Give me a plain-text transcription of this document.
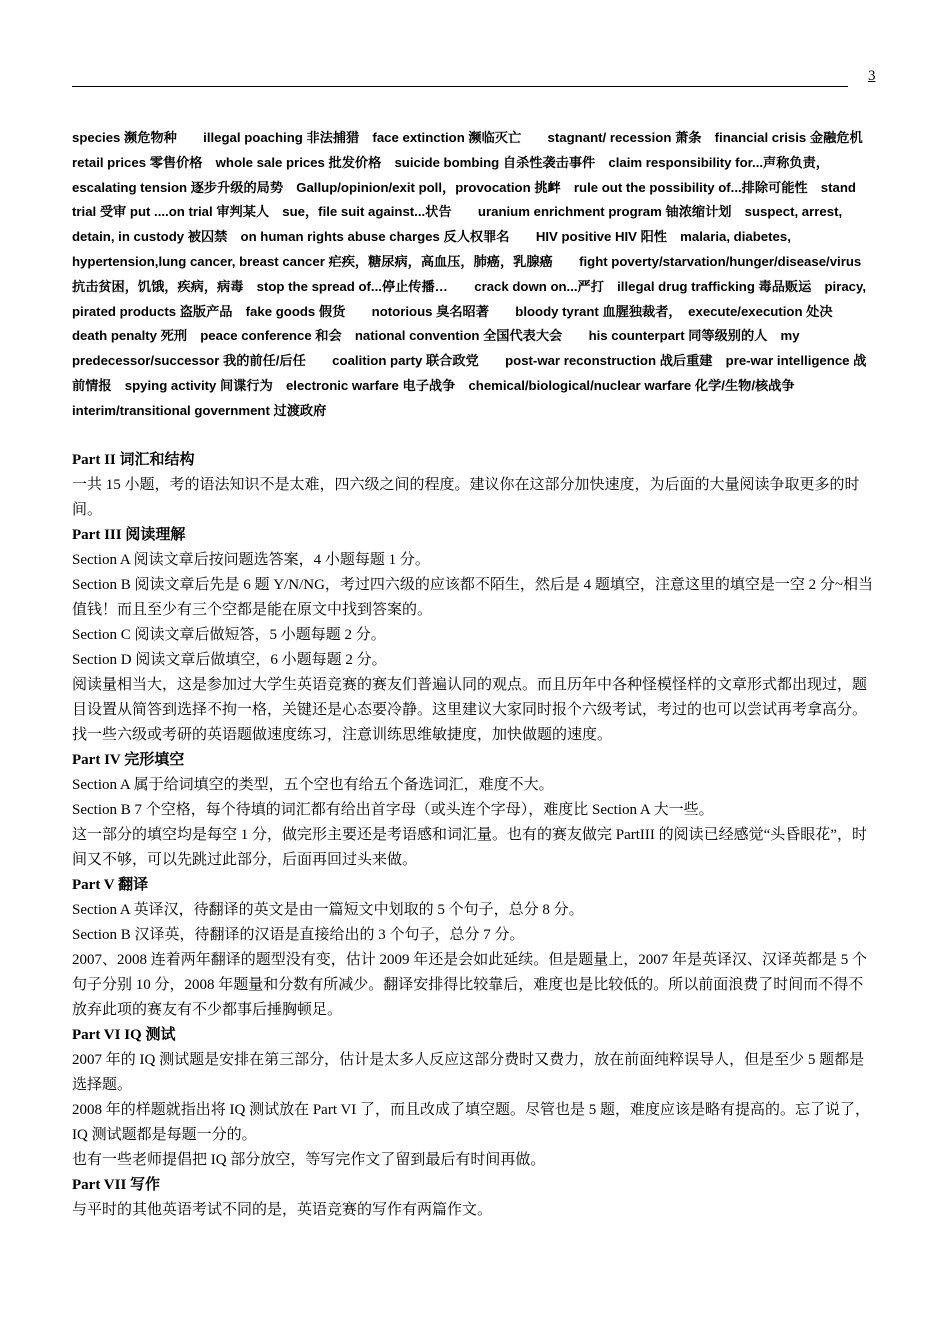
3

species 濒危物种　　illegal poaching 非法捕猎　face extinction 濒临灭亡　　stagnant/ recession 萧条　financial crisis 金融危机　retail prices 零售价格　whole sale prices 批发价格　suicide bombing 自杀性袭击事件　claim responsibility for...声称负责，　escalating tension 逐步升级的局势　Gallup/opinion/exit poll，provocation 挑衅　rule out the possibility of...排除可能性　stand trial 受审 put ....on trial 审判某人　sue，file suit against...状告　　uranium enrichment program 铀浓缩计划　suspect, arrest, detain, in custody 被囚禁　on human rights abuse charges 反人权罪名　　HIV positive HIV 阳性　malaria, diabetes, hypertension,lung cancer, breast cancer 疟疾，糖尿病，高血压，肺癌，乳腺癌　　fight poverty/starvation/hunger/disease/virus 抗击贫困，饥饿，疾病，病毒　stop the spread of...停止传播…　　crack down on...严打　illegal drug trafficking 毒品贩运　piracy, pirated products 盗版产品　fake goods 假货　　notorious 臭名昭著　　bloody tyrant 血腥独裁者，　execute/execution 处决　death penalty 死刑　peace conference 和会　national convention 全国代表大会　　his counterpart 同等级别的人　my predecessor/successor 我的前任/后任　　coalition party 联合政党　　post-war reconstruction 战后重建　pre-war intelligence 战前情报　spying activity 间谍行为　electronic warfare 电子战争　chemical/biological/nuclear warfare 化学/生物/核战争　interim/transitional government 过渡政府

Part II 词汇和结构

一共 15 小题，考的语法知识不是太难，四六级之间的程度。建议你在这部分加快速度，为后面的大量阅读争取更多的时间。

Part III 阅读理解

Section A 阅读文章后按问题选答案，4 小题每题 1 分。

Section B 阅读文章后先是 6 题 Y/N/NG，考过四六级的应该都不陌生，然后是 4 题填空，注意这里的填空是一空 2 分~相当值钱！而且至少有三个空都是能在原文中找到答案的。

Section C 阅读文章后做短答，5 小题每题 2 分。

Section D 阅读文章后做填空，6 小题每题 2 分。

阅读量相当大，这是参加过大学生英语竞赛的赛友们普遍认同的观点。而且历年中各种怪模怪样的文章形式都出现过，题目设置从简答到选择不拘一格，关键还是心态要冷静。这里建议大家同时报个六级考试，考过的也可以尝试再考拿高分。找一些六级或考研的英语题做速度练习，注意训练思维敏捷度，加快做题的速度。

Part IV 完形填空

Section A 属于给词填空的类型，五个空也有给五个备选词汇，难度不大。

Section B 7 个空格，每个待填的词汇都有给出首字母（或头连个字母），难度比 Section A 大一些。

这一部分的填空均是每空 1 分，做完形主要还是考语感和词汇量。也有的赛友做完 PartIII 的阅读已经感觉“头昏眼花”，时间又不够，可以先跳过此部分，后面再回过头来做。

Part V 翻译

Section A 英译汉，待翻译的英文是由一篇短文中划取的 5 个句子，总分 8 分。

Section B 汉译英，待翻译的汉语是直接给出的 3 个句子，总分 7 分。

2007、2008 连着两年翻译的题型没有变，估计 2009 年还是会如此延续。但是题量上，2007 年是英译汉、汉译英都是 5 个句子分别 10 分，2008 年题量和分数有所减少。翻译安排得比较靠后，难度也是比较低的。所以前面浪费了时间而不得不放弃此项的赛友有不少都事后捶胸顿足。

Part VI IQ 测试

2007 年的 IQ 测试题是安排在第三部分，估计是太多人反应这部分费时又费力，放在前面纯粹误导人，但是至少 5 题都是选择题。

2008 年的样题就指出将 IQ 测试放在 Part VI 了，而且改成了填空题。尽管也是 5 题，难度应该是略有提高的。忘了说了，IQ 测试题都是每题一分的。

也有一些老师提倡把 IQ 部分放空，等写完作文了留到最后有时间再做。

Part VII 写作

与平时的其他英语考试不同的是，英语竞赛的写作有两篇作文。
